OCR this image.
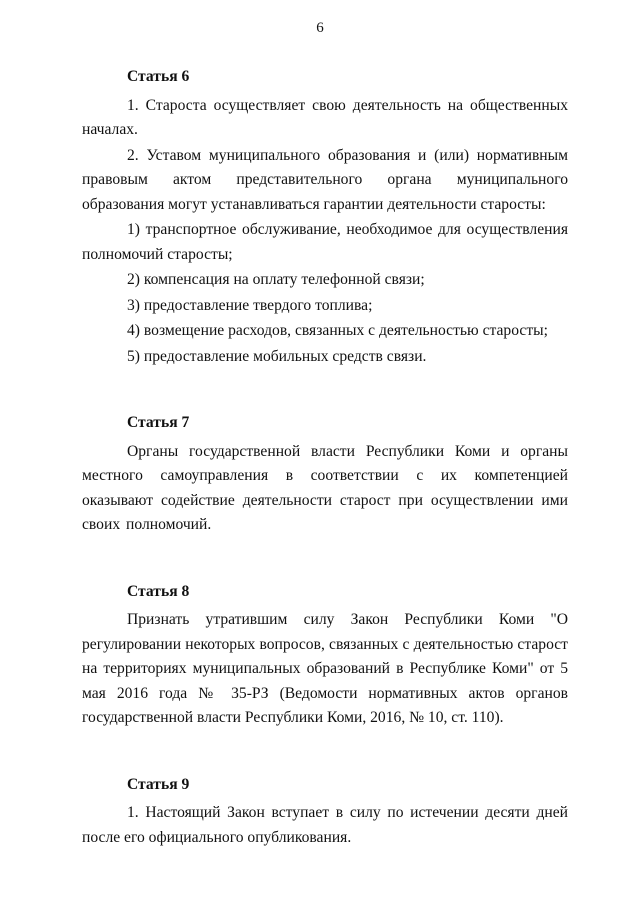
6
Статья 6

1. Староста осуществляет свою деятельность на общественных началах.

2. Уставом муниципального образования и (или) нормативным правовым актом представительного органа муниципального образования могут устанавливаться гарантии деятельности старосты:

1) транспортное обслуживание, необходимое для осуществления полномочий старосты;

2) компенсация на оплату телефонной связи;

3) предоставление твердого топлива;

4) возмещение расходов, связанных с деятельностью старосты;

5) предоставление мобильных средств связи.

Статья 7

Органы государственной власти Республики Коми и органы местного самоуправления в соответствии с их компетенцией оказывают содействие деятельности старост при осуществлении ими своих полномочий.

Статья 8

Признать утратившим силу Закон Республики Коми "О регулировании некоторых вопросов, связанных с деятельностью старост на территориях муниципальных образований в Республике Коми" от 5 мая 2016 года № 35-РЗ (Ведомости нормативных актов органов государственной власти Республики Коми, 2016, № 10, ст. 110).

Статья 9

1. Настоящий Закон вступает в силу по истечении десяти дней после его официального опубликования.
